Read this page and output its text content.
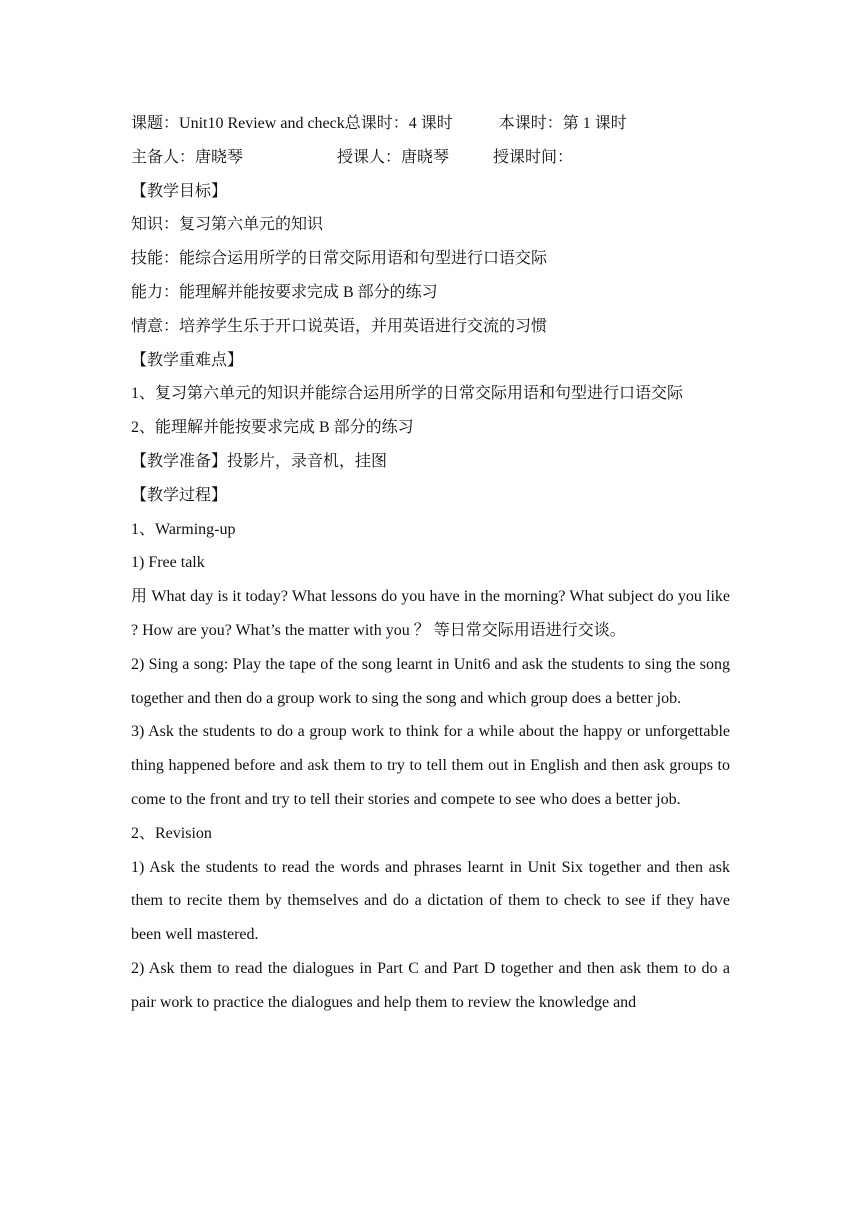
课题：Unit10 Review and check总课时：4 课时	本课时：第 1 课时
主备人：唐晓琴	授课人：唐晓琴	授课时间：
【教学目标】
知识：复习第六单元的知识
技能：能综合运用所学的日常交际用语和句型进行口语交际
能力：能理解并能按要求完成 B 部分的练习
情意：培养学生乐于开口说英语，并用英语进行交流的习惯
【教学重难点】
1、复习第六单元的知识并能综合运用所学的日常交际用语和句型进行口语交际
2、能理解并能按要求完成 B 部分的练习
【教学准备】投影片，录音机，挂图
【教学过程】
1、Warming-up
1) Free talk
用 What day is it today? What lessons do you have in the morning? What subject do you like ? How are you? What’s the matter with you ？ 等日常交际用语进行交谈。
2) Sing a song: Play the tape of the song learnt in Unit6 and ask the students to sing the song together and then do a group work to sing the song and which group does a better job.
3) Ask the students to do a group work to think for a while about the happy or unforgettable thing happened before and ask them to try to tell them out in English and then ask groups to come to the front and try to tell their stories and compete to see who does a better job.
2、Revision
1) Ask the students to read the words and phrases learnt in Unit Six together and then ask them to recite them by themselves and do a dictation of them to check to see if they have been well mastered.
2) Ask them to read the dialogues in Part C and Part D together and then ask them to do a pair work to practice the dialogues and help them to review the knowledge and
